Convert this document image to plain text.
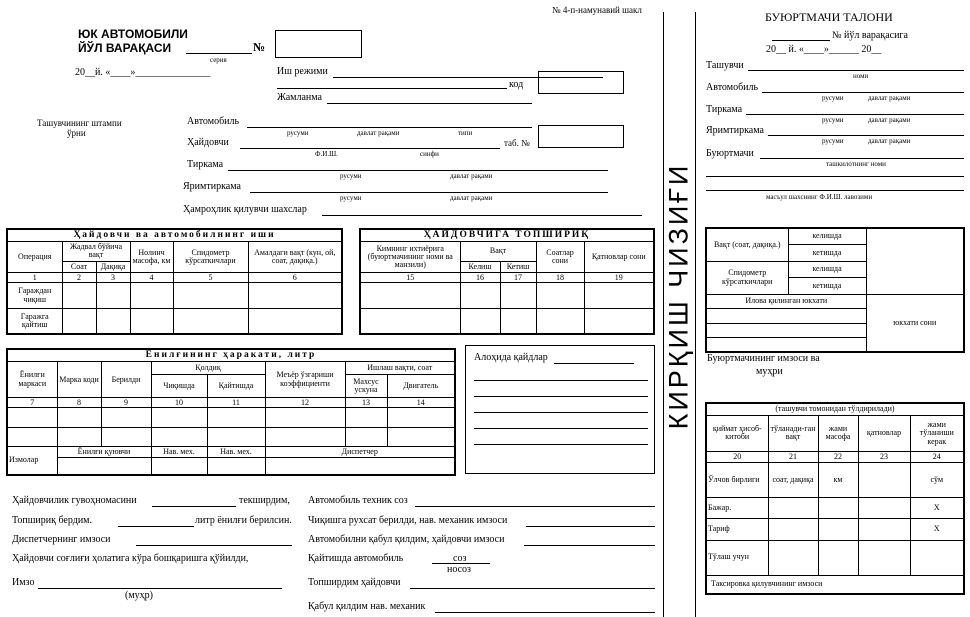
№ 4-п-намунавий шакл
ЮК АВТОМОБИЛИ
ЙЎЛ ВАРАҚАСИ	№
серия
20__й. «____»_______________
Ташувчининг штампи
ўрни
Иш режими
код
Жамланма
Автомобиль
русуми	давлат рақами	типи
Ҳайдовчи	таб. №
Ф.И.Ш.	синфи
Тиркама
русуми	давлат рақами
Яримтиркама
русуми	давлат рақами
Ҳамроҳлик қилувчи шахслар
Ҳайдовчи ва автомобилнинг иши					
Операция	Жадвал бўйича вақт		Нолинч масофа, км	Спидометр кўрсаткичлари	Амалдаги вақт (кун, ой, соат, дақиқа.)
	Соат	Дақиқа			
1	2	3	4	5	6
Гараждан чиқиш					
Гаражга қайтиш					
ҲАЙДОВЧИГА ТОПШИРИҚ				
Кимнинг ихтиёрига (буюртмачининг номи ва манзили)	Вақт		Соатлар сони	Қатновлар сони
	Келиш	Кетиш		
15	16	17	18	19

Ёнилғининг ҳаракати, литр							
Ёнилғи маркаси	Марка коди	Берилди	Қолдиқ		Меъёр ўзгариши коэффициенти	Ишлаш вақти, соат	
			Чиқишда	Қайтишда		Махсус ускуна	Двигатель
7	8	9	10	11	12	13	14

Измолар	Ёнилғи қуювчи		Нав. мех.	Нав. мех.	Диспетчер		

Алоҳида қайдлар
Ҳайдовчилик гувоҳномасини	текширдим,
Топшириқ бердим.	литр ёнилғи берилсин.
Диспетчернинг имзоси
Ҳайдовчи соғлиғи ҳолатига кўра бошқаришга қўйилди,
Имзо
(муҳр)
Автомобиль техник соз
Чиқишга рухсат берилди, нав. механик имзоси
Автомобилни қабул қилдим, ҳайдовчи имзоси
Қайтишда автомобиль	соз
носоз
Топширдим ҳайдовчи
Қабул қилдим нав. механик
КИРҚИШ ЧИЗИҒИ
БУЮРТМАЧИ ТАЛОНИ
№ йўл варақасига
20__ й. «____»______ 20__
Ташувчи
номи
Автомобиль
русуми	давлат рақами
Тиркама
русуми	давлат рақами
Яримтиркама
русуми	давлат рақами
Буюртмачи
ташкилотнинг номи
масъул шахснинг Ф.И.Ш. лавозими
Вақт (соат, дақиқа.)	келишда	
	кетишда	
Спидометр кўрсаткичлари	келишда	
	кетишда	
Илова қилинган юкхати		юкхати сони

Буюртмачининг имзоси ва
муҳри
(ташувчи томонидан тўлдирилади)				
қиймат ҳисоб-китоби	тўланади-ган вақт	жами масофа	қатновлар	жами тўланиши керак
20	21	22	23	24
Ўлчов бирлиги	соат, дақиқа	км		сўм
Бажар.				Х
Тариф				Х
Тўлаш учун				
Таксировка қилувчининг имзоси				
